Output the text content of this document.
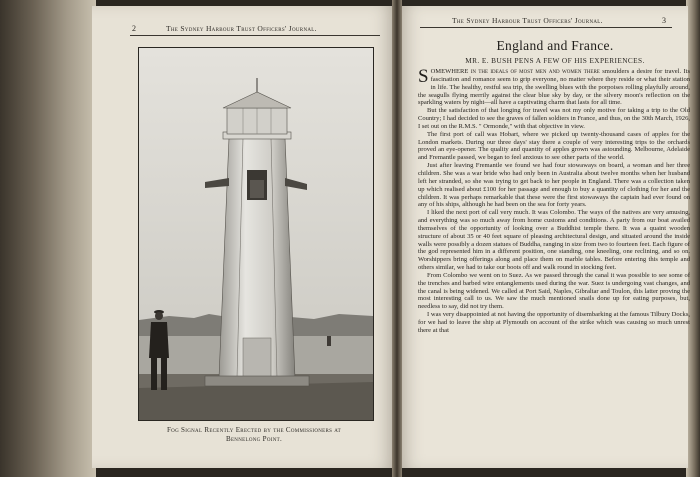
2	The Sydney Harbour Trust Officers' Journal.
Fog Signal Recently Erected by the Commissioners at
Bennelong Point.
The Sydney Harbour Trust Officers' Journal.	3
England and France.
MR. E. BUSH PENS A FEW OF HIS EXPERIENCES.

SOMEWHERE in the ideals of most men and women there smoulders a desire for travel. Its fascination and romance seem to grip everyone, no matter where they reside or what their station in life. The healthy, restful sea trip, the swelling blues with the porpoises rolling playfully around, the seagulls flying merrily against the clear blue sky by day, or the silvery moon's reflection on the sparkling waters by night—all have a captivating charm that lasts for all time.

But the satisfaction of that longing for travel was not my only motive for taking a trip to the Old Country; I had decided to see the graves of fallen soldiers in France, and thus, on the 30th March, 1926, I set out on the R.M.S. " Ormonde," with that objective in view.

The first port of call was Hobart, where we picked up twenty-thousand cases of apples for the London markets. During our three days' stay there a couple of very interesting trips to the orchards proved an eye-opener. The quality and quantity of apples grown was astounding. Melbourne, Adelaide and Fremantle passed, we began to feel anxious to see other parts of the world.

Just after leaving Fremantle we found we had four stowaways on board, a woman and her three children. She was a war bride who had only been in Australia about twelve months when her husband left her stranded, so she was trying to get back to her people in England. There was a collection taken up which realised about £100 for her passage and enough to buy a quantity of clothing for her and the children. It was perhaps remarkable that these were the first stowaways the captain had ever found on any of his ships, although he had been on the sea for forty years.

I liked the next port of call very much. It was Colombo. The ways of the natives are very amusing, and everything was so much away from home customs and conditions. A party from our boat availed themselves of the opportunity of looking over a Buddhist temple there. It was a quaint wooden structure of about 35 or 40 feet square of pleasing architectural design, and situated around the inside walls were possibly a dozen statues of Buddha, ranging in size from two to fourteen feet. Each figure of the god represented him in a different position, one standing, one kneeling, one reclining, and so on. Worshippers bring offerings along and place them on marble tables. Before entering this temple and others similar, we had to take our boots off and walk round in stocking feet.

From Colombo we went on to Suez. As we passed through the canal it was possible to see some of the trenches and barbed wire entanglements used during the war. Suez is undergoing vast changes, and the canal is being widened. We called at Port Said, Naples, Gibraltar and Toulon, this latter proving the most interesting call to us. We saw the much mentioned snails done up for eating purposes, but, needless to say, did not try them.

I was very disappointed at not having the opportunity of disembarking at the famous Tilbury Docks, for we had to leave the ship at Plymouth on account of the strike which was causing so much unrest there at that
